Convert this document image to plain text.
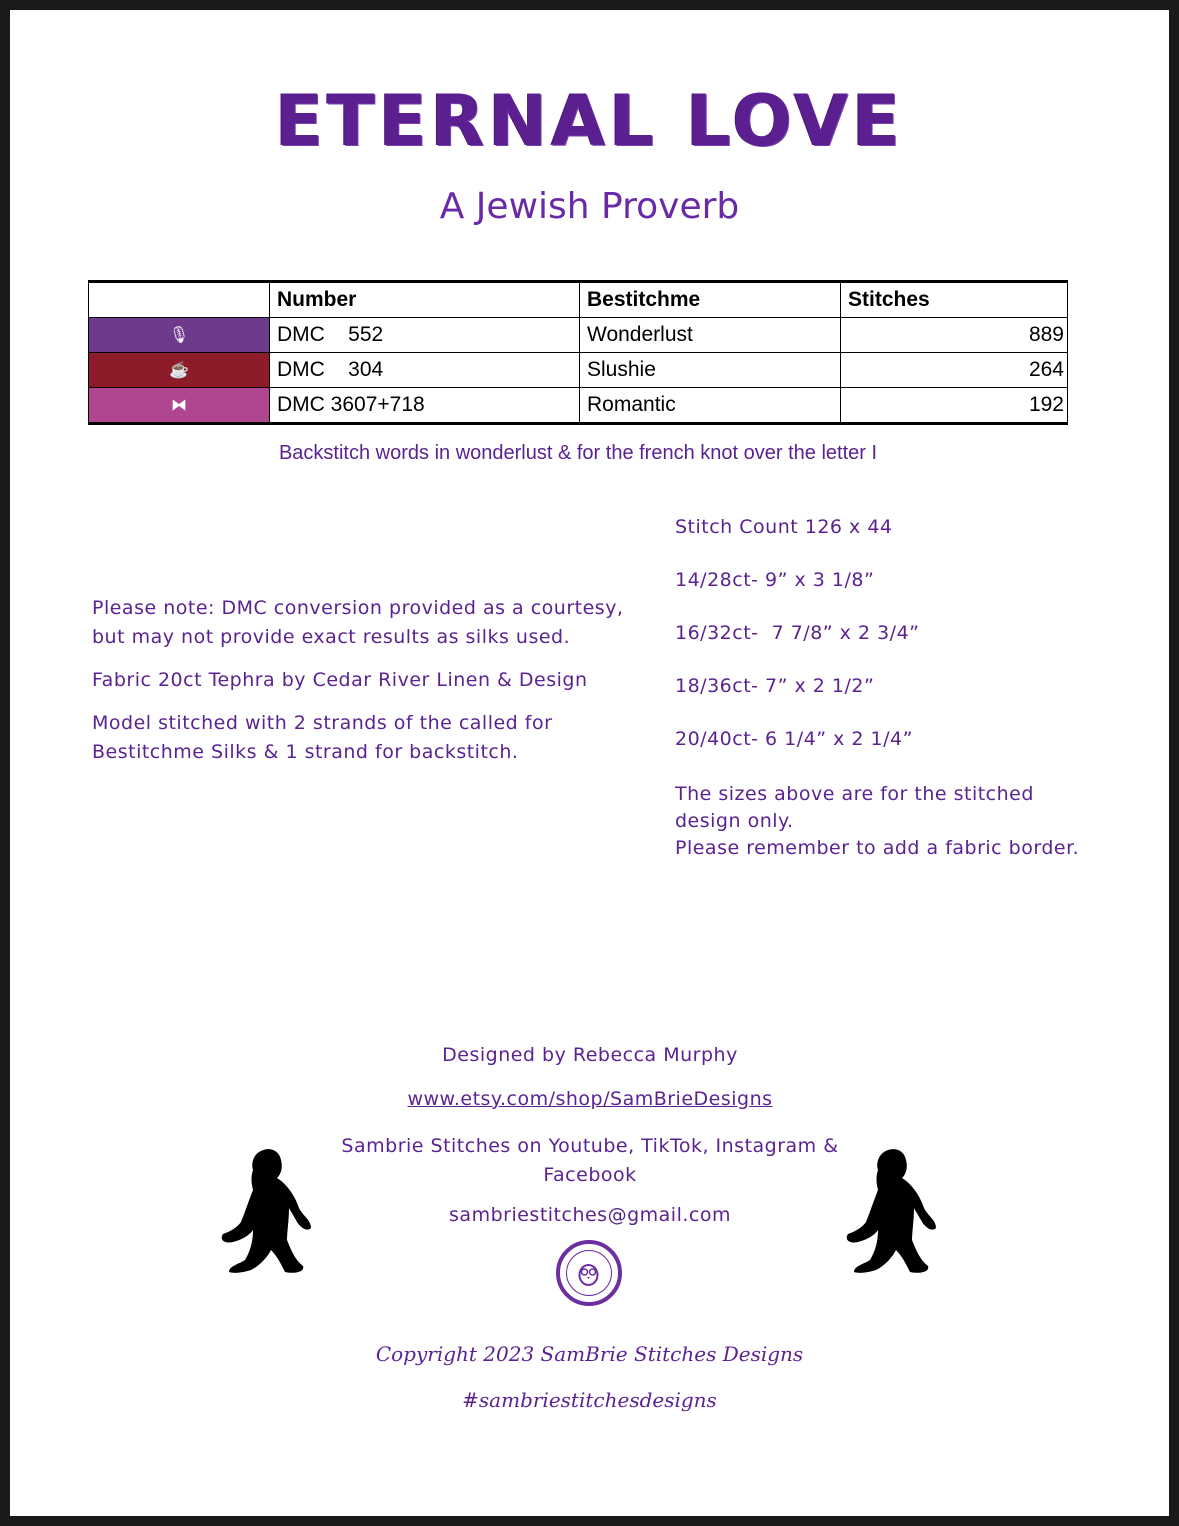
ETERNAL LOVE
A Jewish Proverb
	Number	Bestitchme	Stitches
🎙	DMC    552	Wonderlust	889
☕	DMC    304	Slushie	264
⧓	DMC 3607+718	Romantic	192
Backstitch words in wonderlust & for the french knot over the letter I

Please note: DMC conversion provided as a courtesy, but may not provide exact results as silks used.

Fabric 20ct Tephra by Cedar River Linen & Design

Model stitched with 2 strands of the called for Bestitchme Silks & 1 strand for backstitch.

Stitch Count 126 x 44
14/28ct- 9” x 3 1/8”
16/32ct-  7 7/8” x 2 3/4”
18/36ct- 7” x 2 1/2”
20/40ct- 6 1/4” x 2 1/4”
The sizes above are for the stitched design only.
Please remember to add a fabric border.
Designed by Rebecca Murphy
www.etsy.com/shop/SamBrieDesigns
Sambrie Stitches on Youtube, TikTok, Instagram & Facebook
sambriestitches@gmail.com
Copyright 2023 SamBrie Stitches Designs
#sambriestitchesdesigns
